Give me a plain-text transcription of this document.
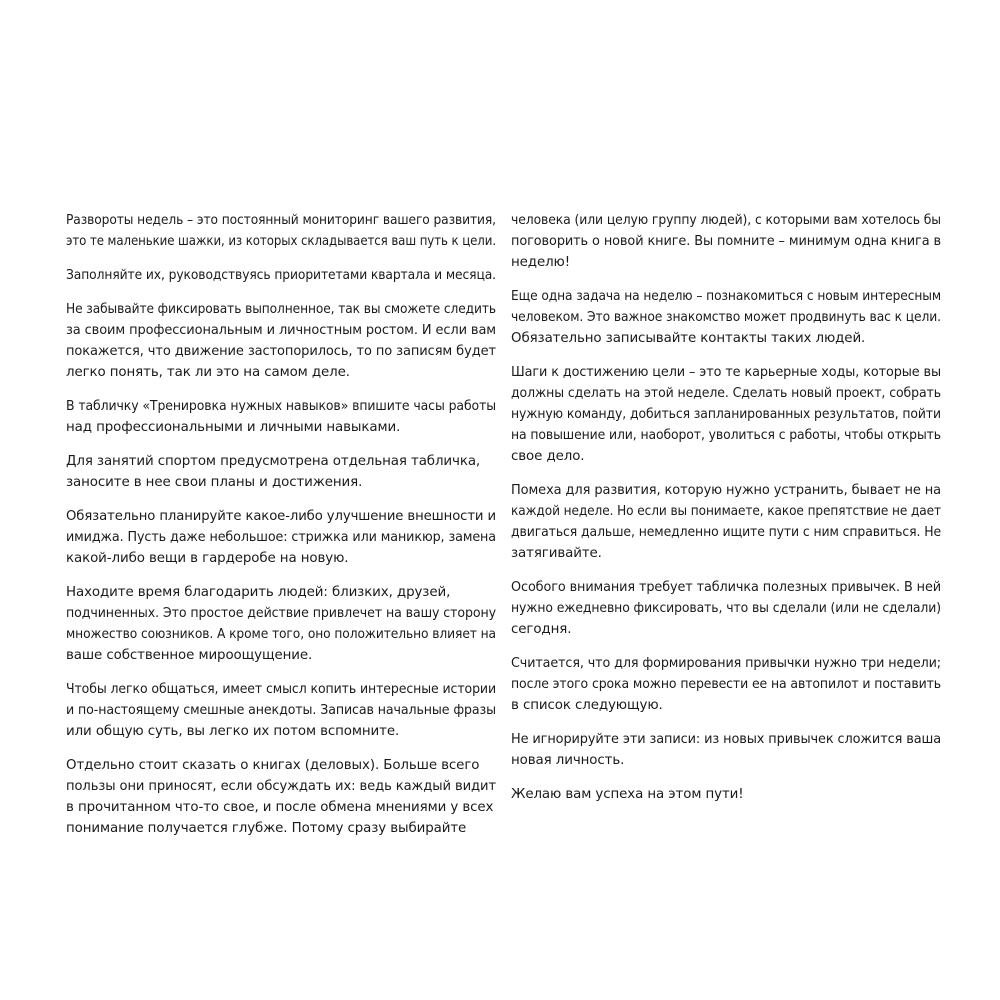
Развороты недель – это постоянный мониторинг вашего развития,
это те маленькие шажки, из которых складывается ваш путь к цели.

Заполняйте их, руководствуясь приоритетами квартала и месяца.

Не забывайте фиксировать выполненное, так вы сможете следить
за своим профессиональным и личностным ростом. И если вам
покажется, что движение застопорилось, то по записям будет
легко понять, так ли это на самом деле.

В табличку «Тренировка нужных навыков» впишите часы работы
над профессиональными и личными навыками.

Для занятий спортом предусмотрена отдельная табличка,
заносите в нее свои планы и достижения.

Обязательно планируйте какое-либо улучшение внешности и
имиджа. Пусть даже небольшое: стрижка или маникюр, замена
какой-либо вещи в гардеробе на новую.

Находите время благодарить людей: близких, друзей,
подчиненных. Это простое действие привлечет на вашу сторону
множество союзников. А кроме того, оно положительно влияет на
ваше собственное мироощущение.

Чтобы легко общаться, имеет смысл копить интересные истории
и по-настоящему смешные анекдоты. Записав начальные фразы
или общую суть, вы легко их потом вспомните.

Отдельно стоит сказать о книгах (деловых). Больше всего
пользы они приносят, если обсуждать их: ведь каждый видит
в прочитанном что-то свое, и после обмена мнениями у всех
понимание получается глубже. Потому сразу выбирайте

человека (или целую группу людей), с которыми вам хотелось бы
поговорить о новой книге. Вы помните – минимум одна книга в
неделю!

Еще одна задача на неделю – познакомиться с новым интересным
человеком. Это важное знакомство может продвинуть вас к цели.
Обязательно записывайте контакты таких людей.

Шаги к достижению цели – это те карьерные ходы, которые вы
должны сделать на этой неделе. Сделать новый проект, собрать
нужную команду, добиться запланированных результатов, пойти
на повышение или, наоборот, уволиться с работы, чтобы открыть
свое дело.

Помеха для развития, которую нужно устранить, бывает не на
каждой неделе. Но если вы понимаете, какое препятствие не дает
двигаться дальше, немедленно ищите пути с ним справиться. Не
затягивайте.

Особого внимания требует табличка полезных привычек. В ней
нужно ежедневно фиксировать, что вы сделали (или не сделали)
сегодня.

Считается, что для формирования привычки нужно три недели;
после этого срока можно перевести ее на автопилот и поставить
в список следующую.

Не игнорируйте эти записи: из новых привычек сложится ваша
новая личность.

Желаю вам успеха на этом пути!
